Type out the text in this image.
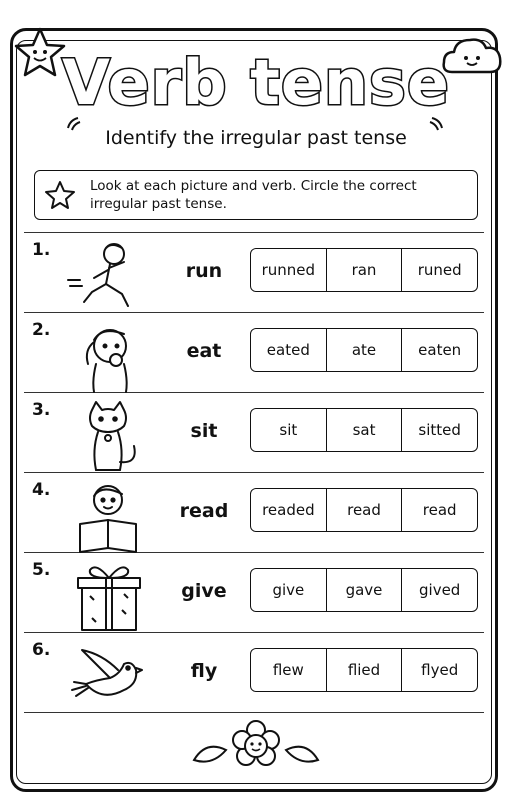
Verb tense
Identify the irregular past tense
Look at each picture and verb. Circle the correct irregular past tense.
1.
run	runned	ran	runed
2.
eat	eated	ate	eaten
3.
sit	sit	sat	sitted
4.
read	readed	read	read
5.
give	give	gave	gived
6.
fly	flew	flied	flyed
